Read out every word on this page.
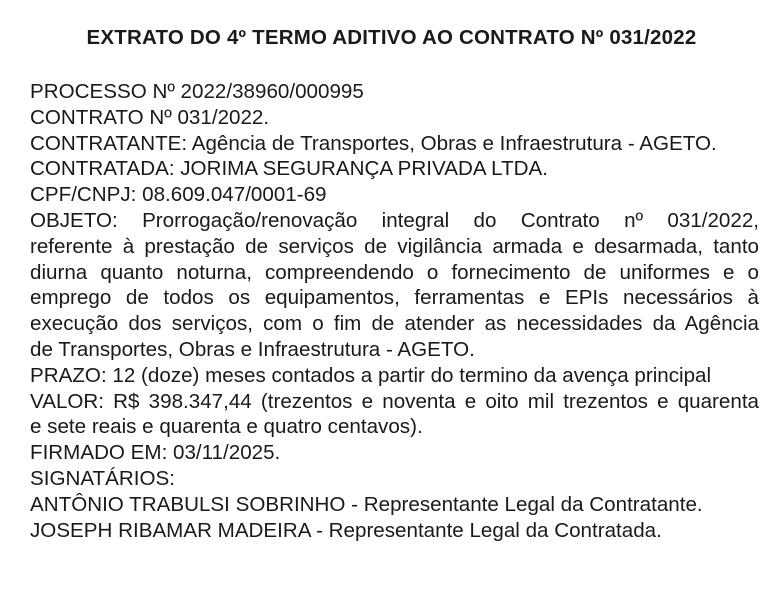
EXTRATO DO 4º TERMO ADITIVO AO CONTRATO Nº 031/2022
PROCESSO Nº 2022/38960/000995
CONTRATO Nº 031/2022.
CONTRATANTE: Agência de Transportes, Obras e Infraestrutura - AGETO.
CONTRATADA: JORIMA SEGURANÇA PRIVADA LTDA.
CPF/CNPJ: 08.609.047/0001-69
OBJETO: Prorrogação/renovação integral do Contrato nº 031/2022,
referente à prestação de serviços de vigilância armada e desarmada, tanto
diurna quanto noturna, compreendendo o fornecimento de uniformes e o
emprego de todos os equipamentos, ferramentas e EPIs necessários à
execução dos serviços, com o fim de atender as necessidades da Agência
de Transportes, Obras e Infraestrutura - AGETO.
PRAZO: 12 (doze) meses contados a partir do termino da avença principal
VALOR: R$ 398.347,44 (trezentos e noventa e oito mil trezentos e quarenta
e sete reais e quarenta e quatro centavos).
FIRMADO EM: 03/11/2025.
SIGNATÁRIOS:
ANTÔNIO TRABULSI SOBRINHO - Representante Legal da Contratante.
JOSEPH RIBAMAR MADEIRA - Representante Legal da Contratada.
